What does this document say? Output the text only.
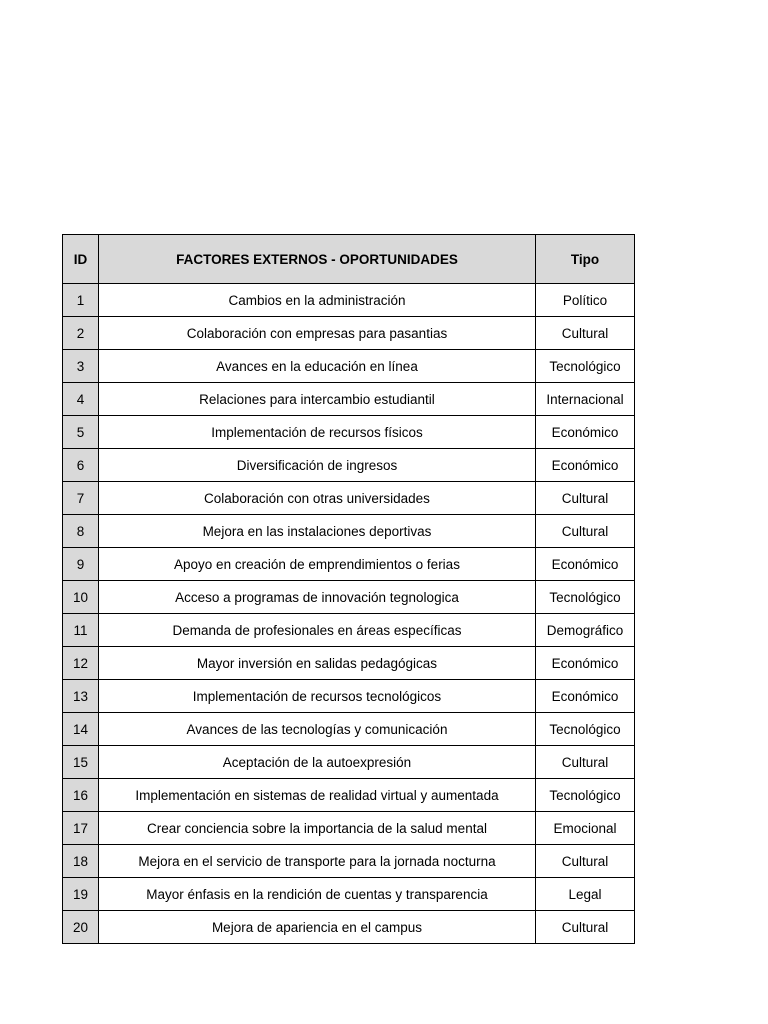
ID	FACTORES EXTERNOS - OPORTUNIDADES	Tipo
1	Cambios en la administración	Político
2	Colaboración con empresas para pasantias	Cultural
3	Avances en la educación en línea	Tecnológico
4	Relaciones para intercambio estudiantil	Internacional
5	Implementación de recursos físicos	Económico
6	Diversificación de ingresos	Económico
7	Colaboración con otras universidades	Cultural
8	Mejora en las instalaciones deportivas	Cultural
9	Apoyo en creación de emprendimientos o ferias	Económico
10	Acceso a programas de innovación tegnologica	Tecnológico
11	Demanda de profesionales en áreas específicas	Demográfico
12	Mayor inversión en salidas pedagógicas	Económico
13	Implementación de recursos tecnológicos	Económico
14	Avances de las tecnologías y comunicación	Tecnológico
15	Aceptación de la autoexpresión	Cultural
16	Implementación en sistemas de realidad virtual y aumentada	Tecnológico
17	Crear conciencia sobre la importancia de la salud mental	Emocional
18	Mejora en el servicio de transporte para la jornada nocturna	Cultural
19	Mayor énfasis en la rendición de cuentas y transparencia	Legal
20	Mejora de apariencia en el campus	Cultural
